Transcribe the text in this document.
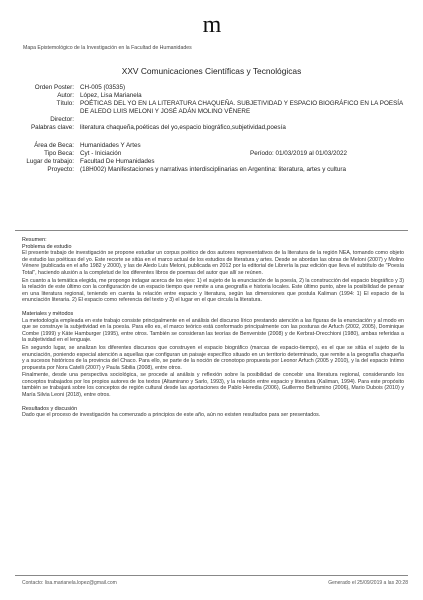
m
Mapa Epistemológico de la Investigación en la Facultad de Humanidades
XXV Comunicaciones Científicas y Tecnológicas
Orden Poster: CH-005 (03535)
Autor: López, Lisa Marianela
Título: POÉTICAS DEL YO EN LA LITERATURA CHAQUEÑA. SUBJETIVIDAD Y ESPACIO BIOGRÁFICO EN LA POESÍA DE ALEDO LUIS MELONI Y JOSÉ ADÁN MOLINO VÉNERE
Director:
Palabras clave: literatura chaqueña,poéticas del yo,espacio biográfico,subjetividad,poesía
Área de Beca: Humanidades Y Artes
Tipo Beca: Cyt - Iniciación	Período: 01/03/2019 al 01/03/2022
Lugar de trabajo: Facultad De Humanidades
Proyecto: (18H002) Manifestaciones y narrativas interdisciplinarias en Argentina: literatura, artes y cultura
Resumen:
Problema de estudio

El presente trabajo de investigación se propone estudiar un corpus poético de dos autores representativos de la literatura de la región NEA, tomando como objeto de estudio las poéticas del yo. Este recorte se sitúa en el marco actual de los estudios de literatura y artes. Desde se abordan las obras de Meloni (2007) y Molino Vénere (publicada en el año 1982 y 2000), y las de Aledo Luis Meloni, publicada en 2012 por la editorial de Librería la paz edición que lleva el subtítulo de "Poesía Total", haciendo alusión a la completud de los diferentes libros de poemas del autor que allí se reúnen.

En cuanto a la temática elegida, me propongo indagar acerca de los ejes: 1) el sujeto de la enunciación de la poesía, 2) la construcción del espacio biográfico y 3) la relación de este último con la configuración de un espacio tiempo que remite a una geografía e historia locales. Este último punto, abre la posibilidad de pensar en una literatura regional, teniendo en cuenta la relación entre espacio y literatura, según las dimensiones que postula Kaliman (1994: 1) El espacio de la enunciación literaria. 2) El espacio como referencia del texto y 3) el lugar en el que circula la literatura.

Materiales y métodos

La metodología empleada en este trabajo consiste principalmente en el análisis del discurso lírico prestando atención a las figuras de la enunciación y al modo en que se construye la subjetividad en la poesía. Para ello es, el marco teórico está conformado principalmente con las posturas de Arfuch (2002, 2005), Dominique Combe (1999) y Käte Hamburger (1995), entre otros. También se consideran las teorías de Benveniste (2008) y de Kerbrat-Orecchioni (1980), ambas referidas a la subjetividad en el lenguaje.

En segundo lugar, se analizan los diferentes discursos que construyen el espacio biográfico (marcas de espacio-tiempo), es el que se sitúa el sujeto de la enunciación, poniendo especial atención a aquellas que configuran un paisaje específico situado en un territorio determinado, que remite a la geografía chaqueña y a sucesos históricos de la provincia del Chaco. Para ello, se parte de la noción de cronotopo propuesta por Leonor Arfuch (2005 y 2010), y la del espacio íntimo propuesta por Nora Catelli (2007) y Paula Sibilia (2008), entre otros.

Finalmente, desde una perspectiva sociológica, se procede al análisis y reflexión sobre la posibilidad de concebir una literatura regional, considerando los conceptos trabajados por los propios autores de los textos (Altamirano y Sarlo, 1993), y la relación entre espacio y literatura (Kaliman, 1994). Para este propósito también se trabajará sobre los conceptos de región cultural desde las aportaciones de Pablo Heredia (2006), Guillermo Beltramino (2006), Mario Dubois (2010) y María Silvia Leoni (2018), entre otros.

Resultados y discusión

Dado que el proceso de investigación ha comenzado a principios de este año, aún no existen resultados para ser presentados.

Contacto: lisa.marianela.lopez@gmail.com	Generado el 25/09/2019 a las 20:28
